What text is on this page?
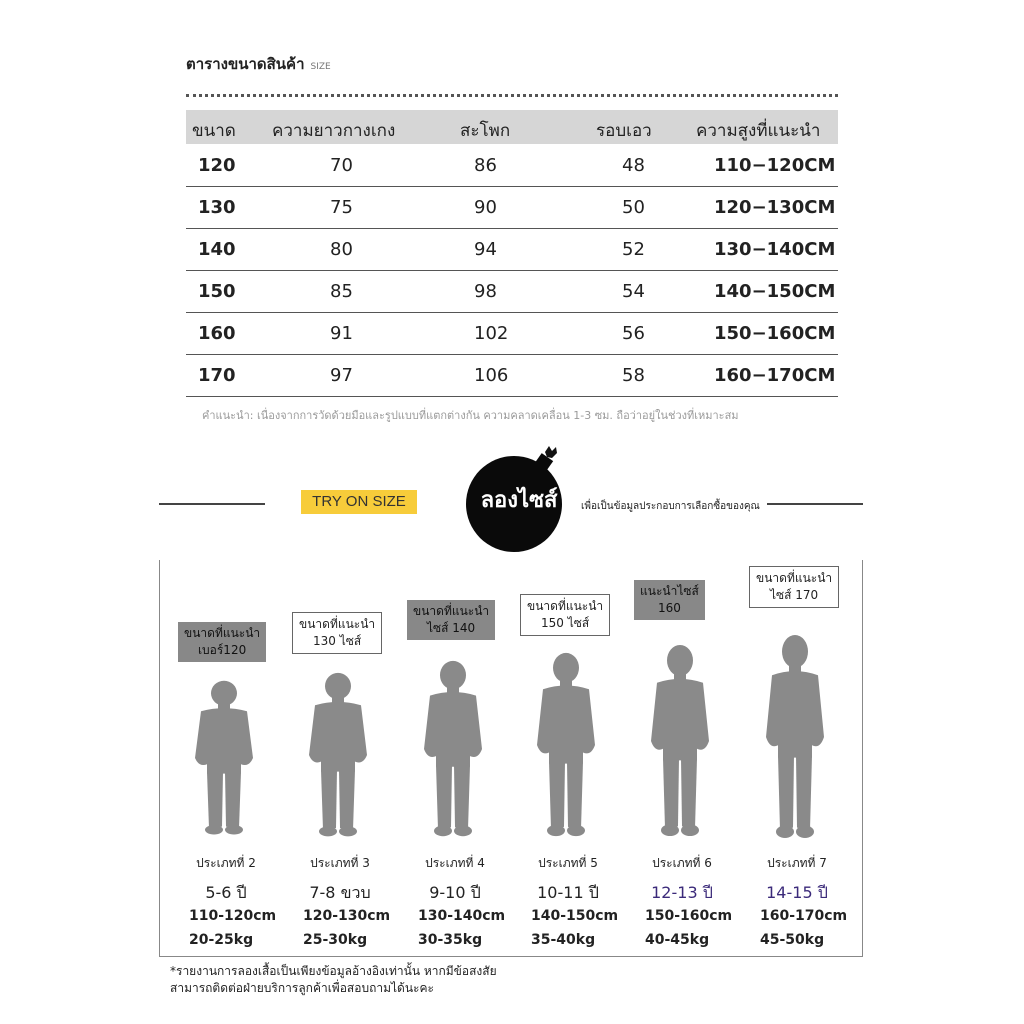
ตารางขนาดสินค้า SIZE
ขนาด ความยาวกางเกง	สะโพก	รอบเอว	ความสูงที่แนะนำ
120	70	86	48	110−120CM
130	75	90	50	120−130CM
140	80	94	52	130−140CM
150	85	98	54	140−150CM
160	91	102	56	150−160CM
170	97	106	58	160−170CM
คำแนะนำ: เนื่องจากการวัดด้วยมือและรูปแบบที่แตกต่างกัน ความคลาดเคลื่อน 1-3 ซม. ถือว่าอยู่ในช่วงที่เหมาะสม
TRY ON SIZE	ลองไซส์	เพื่อเป็นข้อมูลประกอบการเลือกซื้อของคุณ
ขนาดที่แนะนำ
เบอร์120
ประเภทที่ 2
5-6 ปี
110-120cm
20-25kg
ขนาดที่แนะนำ
130 ไซส์
ประเภทที่ 3
7-8 ขวบ
120-130cm
25-30kg
ขนาดที่แนะนำ
ไซส์ 140
ประเภทที่ 4
9-10 ปี
130-140cm
30-35kg
ขนาดที่แนะนำ
150 ไซส์
ประเภทที่ 5
10-11 ปี
140-150cm
35-40kg
แนะนำไซส์
160
ประเภทที่ 6
12-13 ปี
150-160cm
40-45kg
ขนาดที่แนะนำ
ไซส์ 170
ประเภทที่ 7
14-15 ปี
160-170cm
45-50kg
*รายงานการลองเสื้อเป็นเพียงข้อมูลอ้างอิงเท่านั้น หากมีข้อสงสัย
สามารถติดต่อฝ่ายบริการลูกค้าเพื่อสอบถามได้นะคะ
